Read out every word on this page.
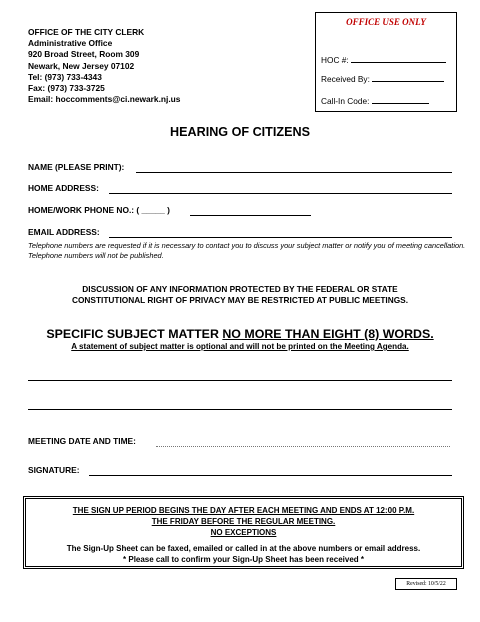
OFFICE OF THE CITY CLERK
Administrative Office
920 Broad Street, Room 309
Newark, New Jersey 07102
Tel: (973) 733-4343
Fax: (973) 733-3725
Email: hoccomments@ci.newark.nj.us
OFFICE USE ONLY
HOC #:
Received By:
Call-In Code:
HEARING OF CITIZENS
NAME (PLEASE PRINT):
HOME ADDRESS:
HOME/WORK PHONE NO.: ( _____ )
EMAIL ADDRESS:
Telephone numbers are requested if it is necessary to contact you to discuss your subject matter or notify you of meeting cancellation. Telephone numbers will not be published.
DISCUSSION OF ANY INFORMATION PROTECTED BY THE FEDERAL OR STATE
CONSTITUTIONAL RIGHT OF PRIVACY MAY BE RESTRICTED AT PUBLIC MEETINGS.
SPECIFIC SUBJECT MATTER NO MORE THAN EIGHT (8) WORDS.
A statement of subject matter is optional and will not be printed on the Meeting Agenda.
MEETING DATE AND TIME:
SIGNATURE:
THE SIGN UP PERIOD BEGINS THE DAY AFTER EACH MEETING AND ENDS AT 12:00 P.M.
THE FRIDAY BEFORE THE REGULAR MEETING.
NO EXCEPTIONS
The Sign-Up Sheet can be faxed, emailed or called in at the above numbers or email address.
* Please call to confirm your Sign-Up Sheet has been received *
Revised: 10/5/22
